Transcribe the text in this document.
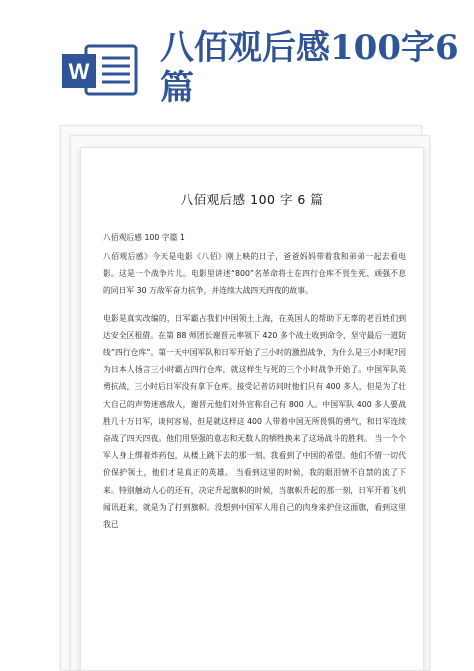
W
八佰观后感100字6篇
八佰观后感 100 字 6 篇
八佰观后感 100 字篇 1

八佰观后感》今天是电影《八佰》刚上映的日子，爸爸妈妈带着我和弟弟一起去看电影。这是一个战争片儿。电影里讲述“800”名革命将士在四行仓库不畏生死、顽强不息的同日军 30 万敌军奋力抗争，并连续大战四天四夜的故事。

电影是真实改编的，日军霸占我们中国领土上海，在英国人的帮助下无辜的老百姓们到达安全区租借。在第 88 师团长谢晋元率领下 420 多个战士收到命令，坚守最后一道防线“四行仓库”。第一天中国军队和日军开始了三小时的激烈战争，为什么是三小时呢?因为日本人扬言三小时霸占四行仓库，就这样生与死的三个小时战争开始了。中国军队英勇抗战，三小时后日军没有拿下仓库。接受记者访问时他们只有 400 多人，但是为了壮大自己的声势迷惑敌人，谢晋元他们对外宣称自己有 800 人。中国军队 400 多人要战胜几十万日军，谈何容易，但是就这样这 400 人带着中国无所畏惧的勇气，和日军连续奋战了四天四夜。他们用坚强的意志和无数人的牺牲换来了这场战斗的胜利。 当一个个军人身上绑着炸药包，从楼上跳下去的那一刻。我看到了中国的希望。他们不惜一切代价保护领土，他们才是真正的英雄。 当看到这里的时候，我的眼泪情不自禁的流了下来。特别触动人心的还有，决定升起旗帜的时候，当旗帜升起的那一刻，日军开着飞机闻讯赶来，就是为了打到旗帜。没想到中国军人用自己的肉身来护住这面旗，看到这里我已
